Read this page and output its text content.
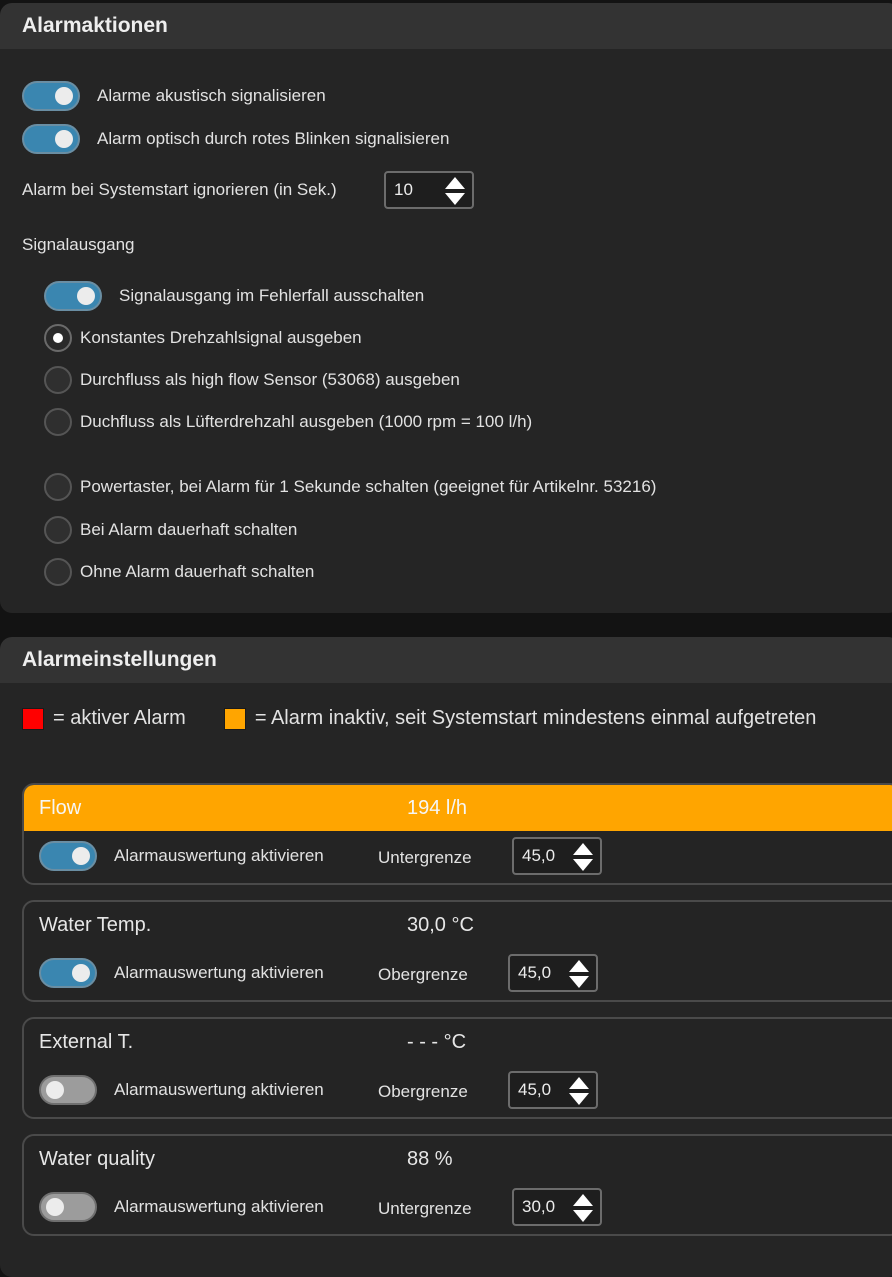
Alarmaktionen
Alarme akustisch signalisieren
Alarm optisch durch rotes Blinken signalisieren
Alarm bei Systemstart ignorieren (in Sek.)	10
Signalausgang
Signalausgang im Fehlerfall ausschalten
Konstantes Drehzahlsignal ausgeben
Durchfluss als high flow Sensor (53068) ausgeben
Duchfluss als Lüfterdrehzahl ausgeben (1000 rpm = 100 l/h)
Powertaster, bei Alarm für 1 Sekunde schalten (geeignet für Artikelnr. 53216)
Bei Alarm dauerhaft schalten
Ohne Alarm dauerhaft schalten
Alarmeinstellungen
= aktiver Alarm	= Alarm inaktiv, seit Systemstart mindestens einmal aufgetreten
Flow	194 l/h
Alarmauswertung aktivieren	Untergrenze	45,0
Water Temp.	30,0 °C
Alarmauswertung aktivieren	Obergrenze	45,0
External T.	- - - °C
Alarmauswertung aktivieren	Obergrenze	45,0
Water quality	88 %
Alarmauswertung aktivieren	Untergrenze	30,0
